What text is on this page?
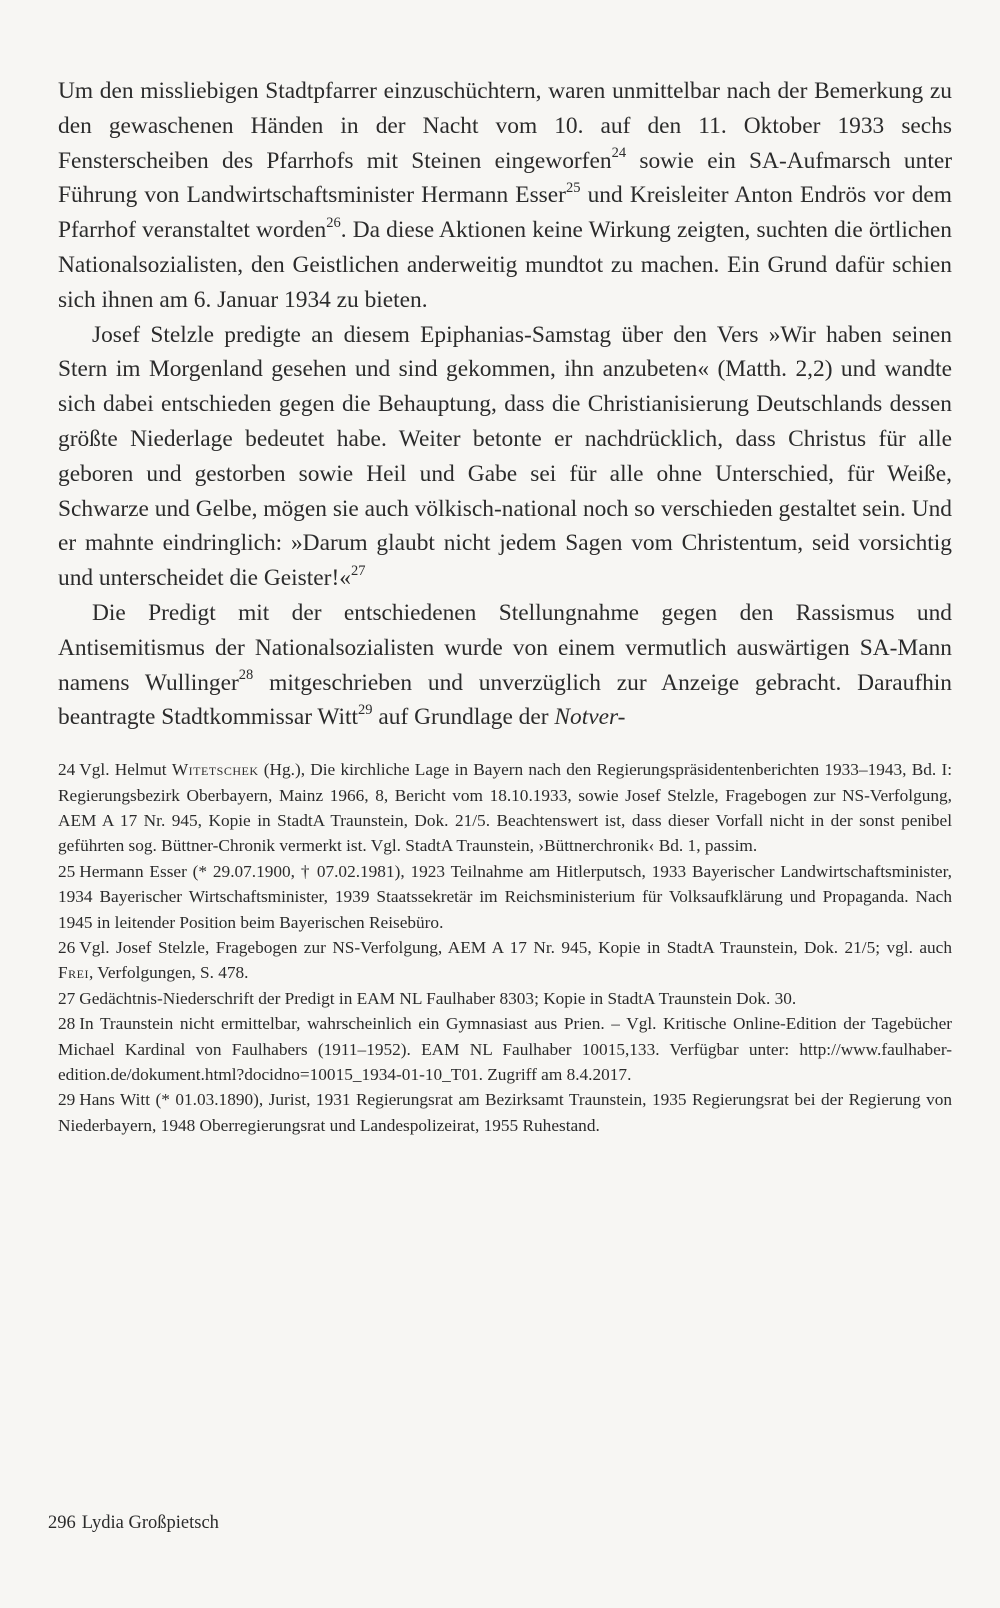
Um den missliebigen Stadtpfarrer einzuschüchtern, waren unmittelbar nach der Bemerkung zu den gewaschenen Händen in der Nacht vom 10. auf den 11. Oktober 1933 sechs Fensterscheiben des Pfarrhofs mit Steinen eingeworfen$^{24}$ sowie ein SA-Aufmarsch unter Führung von Landwirtschaftsminister Hermann Esser$^{25}$ und Kreisleiter Anton Endrös vor dem Pfarrhof veranstaltet worden$^{26}$. Da diese Aktionen keine Wirkung zeigten, suchten die örtlichen Nationalsozialisten, den Geistlichen anderweitig mundtot zu machen. Ein Grund dafür schien sich ihnen am 6. Januar 1934 zu bieten.

Josef Stelzle predigte an diesem Epiphanias-Samstag über den Vers »Wir haben seinen Stern im Morgenland gesehen und sind gekommen, ihn anzubeten« (Matth. 2,2) und wandte sich dabei entschieden gegen die Behauptung, dass die Christianisierung Deutschlands dessen größte Niederlage bedeutet habe. Weiter betonte er nachdrücklich, dass Christus für alle geboren und gestorben sowie Heil und Gabe sei für alle ohne Unterschied, für Weiße, Schwarze und Gelbe, mögen sie auch völkisch-national noch so verschieden gestaltet sein. Und er mahnte eindringlich: »Darum glaubt nicht jedem Sagen vom Christentum, seid vorsichtig und unterscheidet die Geister!«$^{27}$

Die Predigt mit der entschiedenen Stellungnahme gegen den Rassismus und Antisemitismus der Nationalsozialisten wurde von einem vermutlich auswärtigen SA-Mann namens Wullinger$^{28}$ mitgeschrieben und unverzüglich zur Anzeige gebracht. Daraufhin beantragte Stadtkommissar Witt$^{29}$ auf Grundlage der Notver-

24 Vgl. Helmut Witetschek (Hg.), Die kirchliche Lage in Bayern nach den Regierungspräsidentenberichten 1933–1943, Bd. I: Regierungsbezirk Oberbayern, Mainz 1966, 8, Bericht vom 18.10.1933, sowie Josef Stelzle, Fragebogen zur NS-Verfolgung, AEM A 17 Nr. 945, Kopie in StadtA Traunstein, Dok. 21/5. Beachtenswert ist, dass dieser Vorfall nicht in der sonst penibel geführten sog. Büttner-Chronik vermerkt ist. Vgl. StadtA Traunstein, ›Büttnerchronik‹ Bd. 1, passim.

25 Hermann Esser (* 29.07.1900, † 07.02.1981), 1923 Teilnahme am Hitlerputsch, 1933 Bayerischer Landwirtschaftsminister, 1934 Bayerischer Wirtschaftsminister, 1939 Staatssekretär im Reichsministerium für Volksaufklärung und Propaganda. Nach 1945 in leitender Position beim Bayerischen Reisebüro.

26 Vgl. Josef Stelzle, Fragebogen zur NS-Verfolgung, AEM A 17 Nr. 945, Kopie in StadtA Traunstein, Dok. 21/5; vgl. auch Frei, Verfolgungen, S. 478.

27 Gedächtnis-Niederschrift der Predigt in EAM NL Faulhaber 8303; Kopie in StadtA Traunstein Dok. 30.

28 In Traunstein nicht ermittelbar, wahrscheinlich ein Gymnasiast aus Prien. – Vgl. Kritische Online-Edition der Tagebücher Michael Kardinal von Faulhabers (1911–1952). EAM NL Faulhaber 10015,133. Verfügbar unter: http://www.faulhaber-edition.de/dokument.html?docidno=10015_1934-01-10_T01. Zugriff am 8.4.2017.

29 Hans Witt (* 01.03.1890), Jurist, 1931 Regierungsrat am Bezirksamt Traunstein, 1935 Regierungsrat bei der Regierung von Niederbayern, 1948 Oberregierungsrat und Landespolizeirat, 1955 Ruhestand.

296 Lydia Großpietsch
